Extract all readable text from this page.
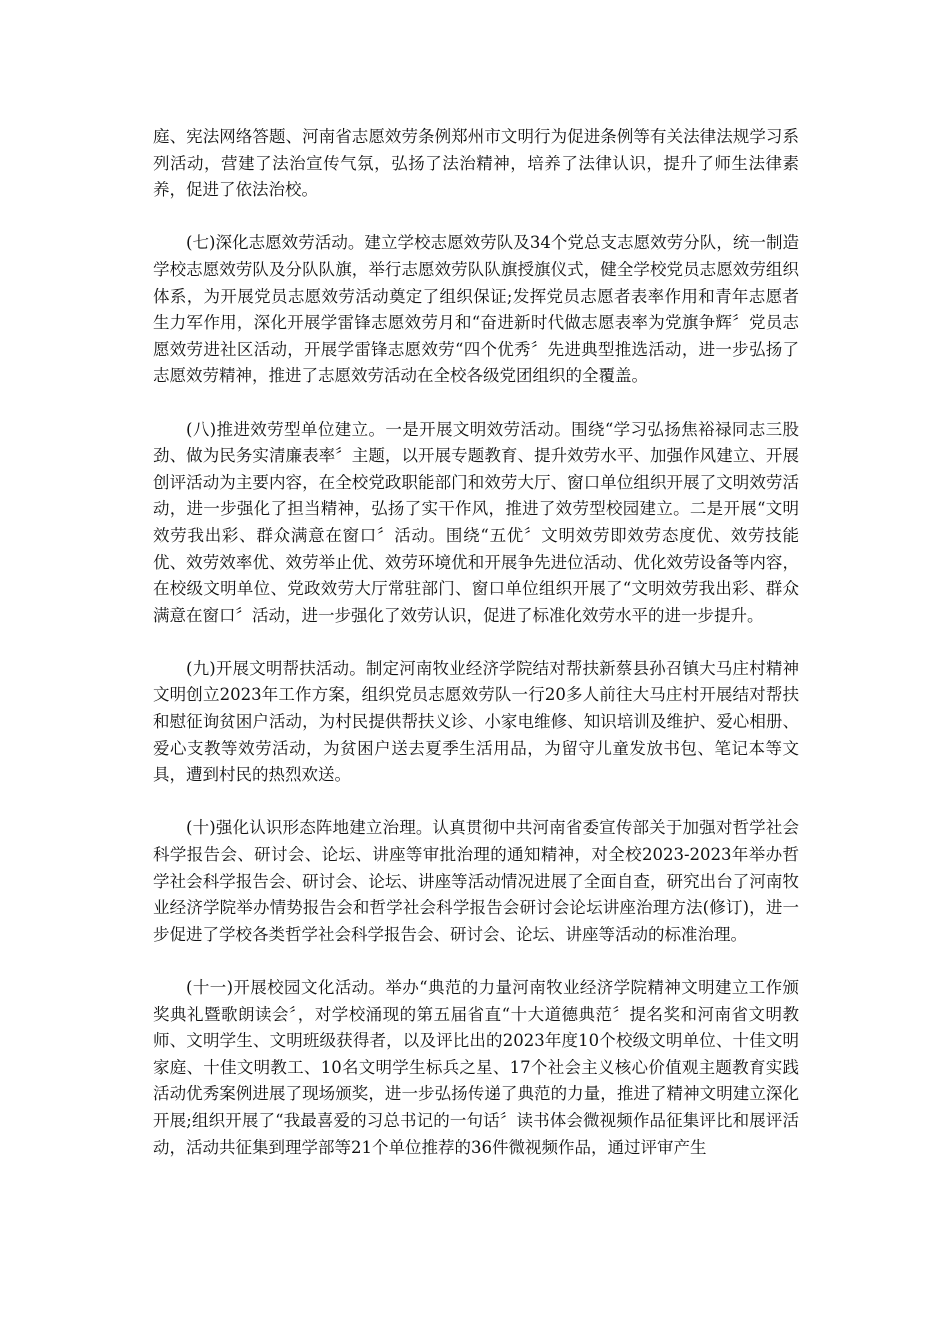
庭、宪法网络答题、河南省志愿效劳条例郑州市文明行为促进条例等有关法律法规学习系列活动，营建了法治宣传气氛，弘扬了法治精神，培养了法律认识，提升了师生法律素养，促进了依法治校。

(七)深化志愿效劳活动。建立学校志愿效劳队及34个党总支志愿效劳分队，统一制造学校志愿效劳队及分队队旗，举行志愿效劳队队旗授旗仪式，健全学校党员志愿效劳组织体系，为开展党员志愿效劳活动奠定了组织保证;发挥党员志愿者表率作用和青年志愿者生力军作用，深化开展学雷锋志愿效劳月和“奋进新时代做志愿表率为党旗争辉〞党员志愿效劳进社区活动，开展学雷锋志愿效劳“四个优秀〞先进典型推选活动，进一步弘扬了志愿效劳精神，推进了志愿效劳活动在全校各级党团组织的全覆盖。

(八)推进效劳型单位建立。一是开展文明效劳活动。围绕“学习弘扬焦裕禄同志三股劲、做为民务实清廉表率〞主题，以开展专题教育、提升效劳水平、加强作风建立、开展创评活动为主要内容，在全校党政职能部门和效劳大厅、窗口单位组织开展了文明效劳活动，进一步强化了担当精神，弘扬了实干作风，推进了效劳型校园建立。二是开展“文明效劳我出彩、群众满意在窗口〞活动。围绕“五优〞文明效劳即效劳态度优、效劳技能优、效劳效率优、效劳举止优、效劳环境优和开展争先进位活动、优化效劳设备等内容，在校级文明单位、党政效劳大厅常驻部门、窗口单位组织开展了“文明效劳我出彩、群众满意在窗口〞活动，进一步强化了效劳认识，促进了标准化效劳水平的进一步提升。

(九)开展文明帮扶活动。制定河南牧业经济学院结对帮扶新蔡县孙召镇大马庄村精神文明创立2023年工作方案，组织党员志愿效劳队一行20多人前往大马庄村开展结对帮扶和慰征询贫困户活动，为村民提供帮扶义诊、小家电维修、知识培训及维护、爱心相册、爱心支教等效劳活动，为贫困户送去夏季生活用品，为留守儿童发放书包、笔记本等文具，遭到村民的热烈欢送。

(十)强化认识形态阵地建立治理。认真贯彻中共河南省委宣传部关于加强对哲学社会科学报告会、研讨会、论坛、讲座等审批治理的通知精神，对全校2023-2023年举办哲学社会科学报告会、研讨会、论坛、讲座等活动情况进展了全面自查，研究出台了河南牧业经济学院举办情势报告会和哲学社会科学报告会研讨会论坛讲座治理方法(修订)，进一步促进了学校各类哲学社会科学报告会、研讨会、论坛、讲座等活动的标准治理。

(十一)开展校园文化活动。举办“典范的力量河南牧业经济学院精神文明建立工作颁奖典礼暨歌朗读会〞，对学校涌现的第五届省直“十大道德典范〞提名奖和河南省文明教师、文明学生、文明班级获得者，以及评比出的2023年度10个校级文明单位、十佳文明家庭、十佳文明教工、10名文明学生标兵之星、17个社会主义核心价值观主题教育实践活动优秀案例进展了现场颁奖，进一步弘扬传递了典范的力量，推进了精神文明建立深化开展;组织开展了“我最喜爱的习总书记的一句话〞读书体会微视频作品征集评比和展评活动，活动共征集到理学部等21个单位推荐的36件微视频作品，通过评审产生
